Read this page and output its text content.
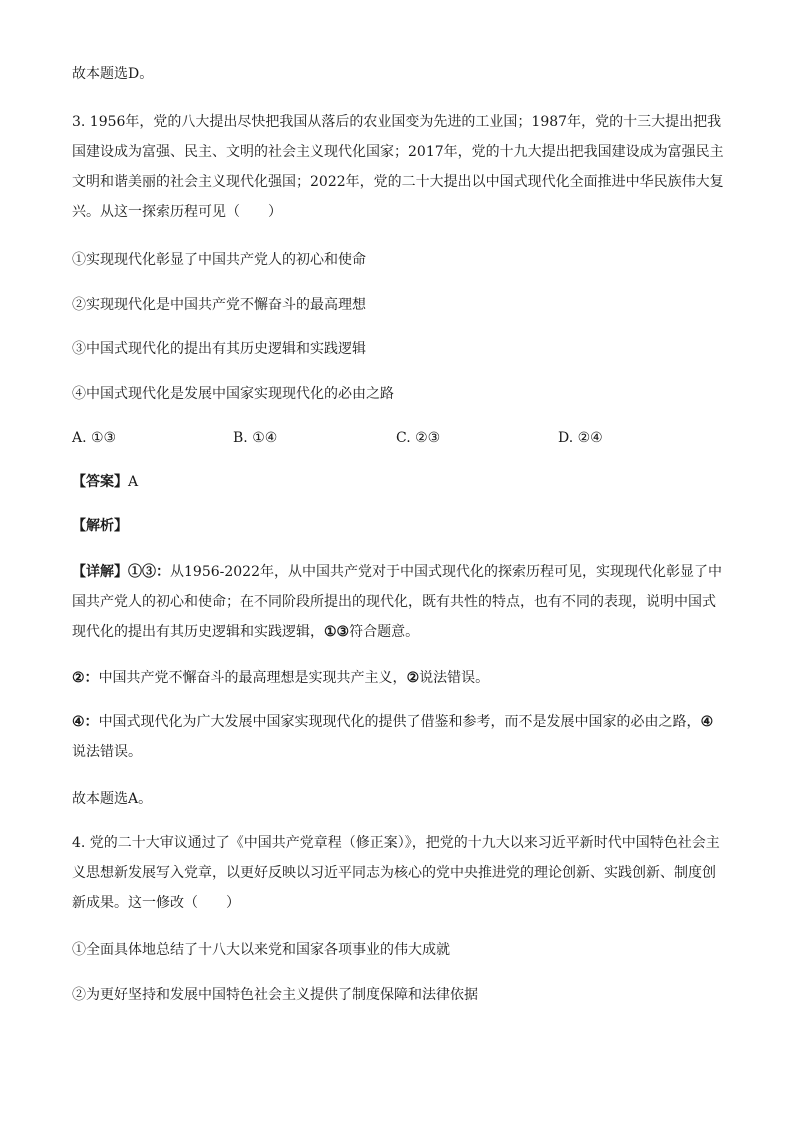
故本题选D。
3. 1956年，党的八大提出尽快把我国从落后的农业国变为先进的工业国；1987年，党的十三大提出把我
国建设成为富强、民主、文明的社会主义现代化国家；2017年，党的十九大提出把我国建设成为富强民主
文明和谐美丽的社会主义现代化强国；2022年，党的二十大提出以中国式现代化全面推进中华民族伟大复
兴。从这一探索历程可见（　　）
①实现现代化彰显了中国共产党人的初心和使命
②实现现代化是中国共产党不懈奋斗的最高理想
③中国式现代化的提出有其历史逻辑和实践逻辑
④中国式现代化是发展中国家实现现代化的必由之路
A. ①③	B. ①④	C. ②③	D. ②④
【答案】A
【解析】
【详解】①③：从1956-2022年，从中国共产党对于中国式现代化的探索历程可见，实现现代化彰显了中
国共产党人的初心和使命；在不同阶段所提出的现代化，既有共性的特点，也有不同的表现，说明中国式
现代化的提出有其历史逻辑和实践逻辑，①③符合题意。
②：中国共产党不懈奋斗的最高理想是实现共产主义，②说法错误。
④：中国式现代化为广大发展中国家实现现代化的提供了借鉴和参考，而不是发展中国家的必由之路，④
说法错误。
故本题选A。
4. 党的二十大审议通过了《中国共产党章程（修正案）》，把党的十九大以来习近平新时代中国特色社会主
义思想新发展写入党章，以更好反映以习近平同志为核心的党中央推进党的理论创新、实践创新、制度创
新成果。这一修改（　　）
①全面具体地总结了十八大以来党和国家各项事业的伟大成就
②为更好坚持和发展中国特色社会主义提供了制度保障和法律依据
